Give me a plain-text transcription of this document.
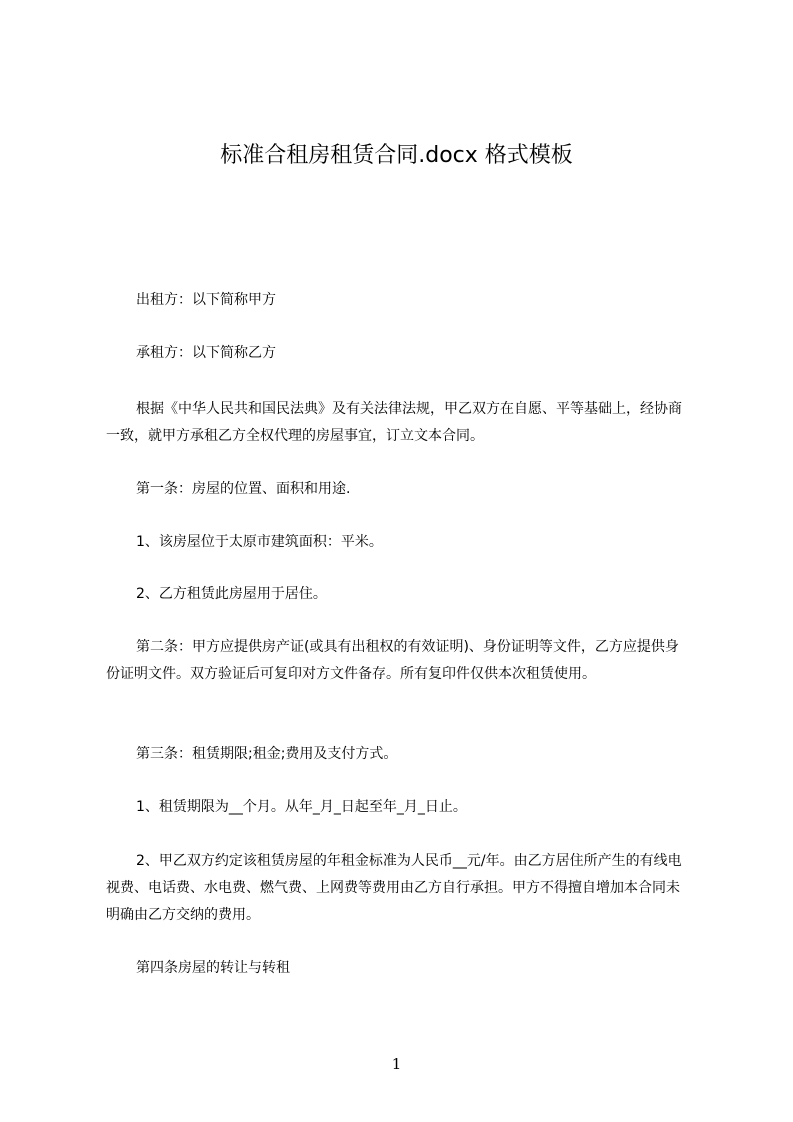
标准合租房租赁合同.docx 格式模板
出租方：以下简称甲方
承租方：以下简称乙方
根据《中华人民共和国民法典》及有关法律法规，甲乙双方在自愿、平等基础上，经协商一致，就甲方承租乙方全权代理的房屋事宜，订立文本合同。
第一条：房屋的位置、面积和用途.
1、该房屋位于太原市建筑面积：平米。
2、乙方租赁此房屋用于居住。
第二条：甲方应提供房产证(或具有出租权的有效证明)、身份证明等文件，乙方应提供身份证明文件。双方验证后可复印对方文件备存。所有复印件仅供本次租赁使用。
第三条：租赁期限;租金;费用及支付方式。
1、租赁期限为__个月。从年_月_日起至年_月_日止。
2、甲乙双方约定该租赁房屋的年租金标准为人民币__元/年。由乙方居住所产生的有线电视费、电话费、水电费、燃气费、上网费等费用由乙方自行承担。甲方不得擅自增加本合同未明确由乙方交纳的费用。
第四条房屋的转让与转租
1
